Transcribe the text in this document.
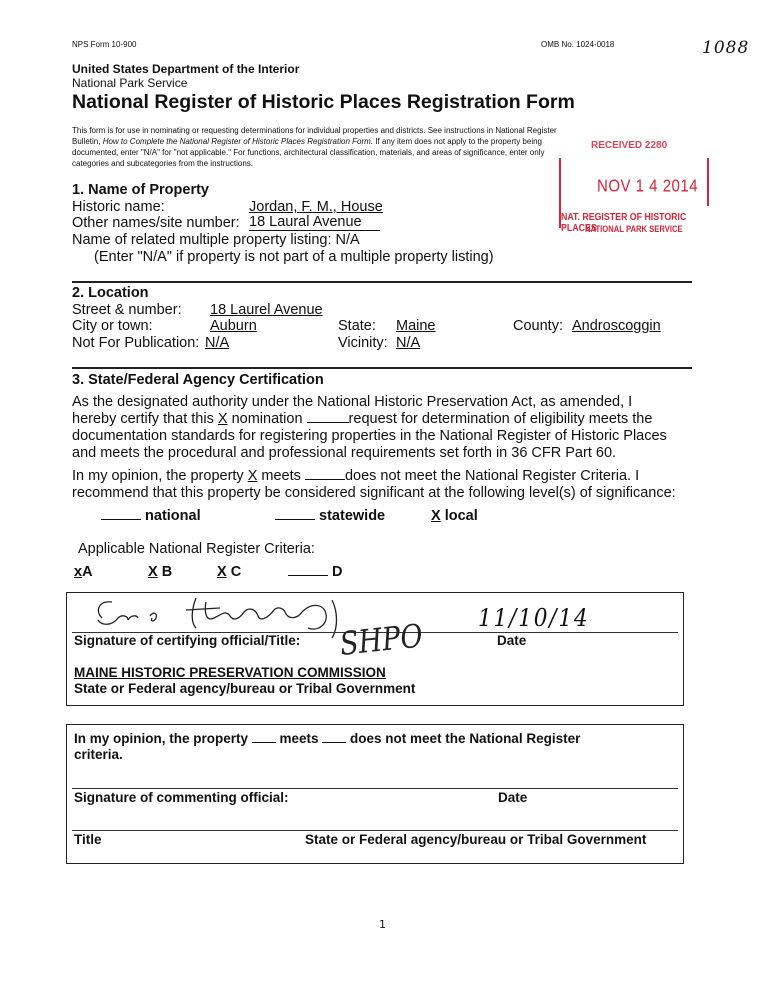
NPS Form 10-900	OMB No. 1024-0018	1088
United States Department of the Interior
National Park Service
National Register of Historic Places Registration Form
This form is for use in nominating or requesting determinations for individual properties and districts. See instructions in National Register
Bulletin, How to Complete the National Register of Historic Places Registration Form. If any item does not apply to the property being
documented, enter "N/A" for "not applicable." For functions, architectural classification, materials, and areas of significance, enter only
categories and subcategories from the instructions.
RECEIVED 2280
NOV 1 4 2014
NAT. REGISTER OF HISTORIC PLACES
NATIONAL PARK SERVICE
1. Name of Property
Historic name:	Jordan, F. M., House
Other names/site number: 18 Laural Avenue
Name of related multiple property listing: N/A
(Enter "N/A" if property is not part of a multiple property listing)
2. Location
Street & number: 18 Laurel Avenue
City or town:	Auburn	State: Maine	County: Androscoggin
Not For Publication: N/A	Vicinity: N/A
3. State/Federal Agency Certification
As the designated authority under the National Historic Preservation Act, as amended, I
hereby certify that this X nomination	request for determination of eligibility meets the
documentation standards for registering properties in the National Register of Historic Places
and meets the procedural and professional requirements set forth in 36 CFR Part 60.
In my opinion, the property X meets	does not meet the National Register Criteria. I
recommend that this property be considered significant at the following level(s) of significance:
national	statewide	X local
Applicable National Register Criteria:
xA	X B	X C	D
11/10/14
Signature of certifying official/Title:	Date
SHPO
MAINE HISTORIC PRESERVATION COMMISSION
State or Federal agency/bureau or Tribal Government
In my opinion, the property  meets  does not meet the National Register
criteria.
Signature of commenting official:	Date
Title	State or Federal agency/bureau or Tribal Government
1
